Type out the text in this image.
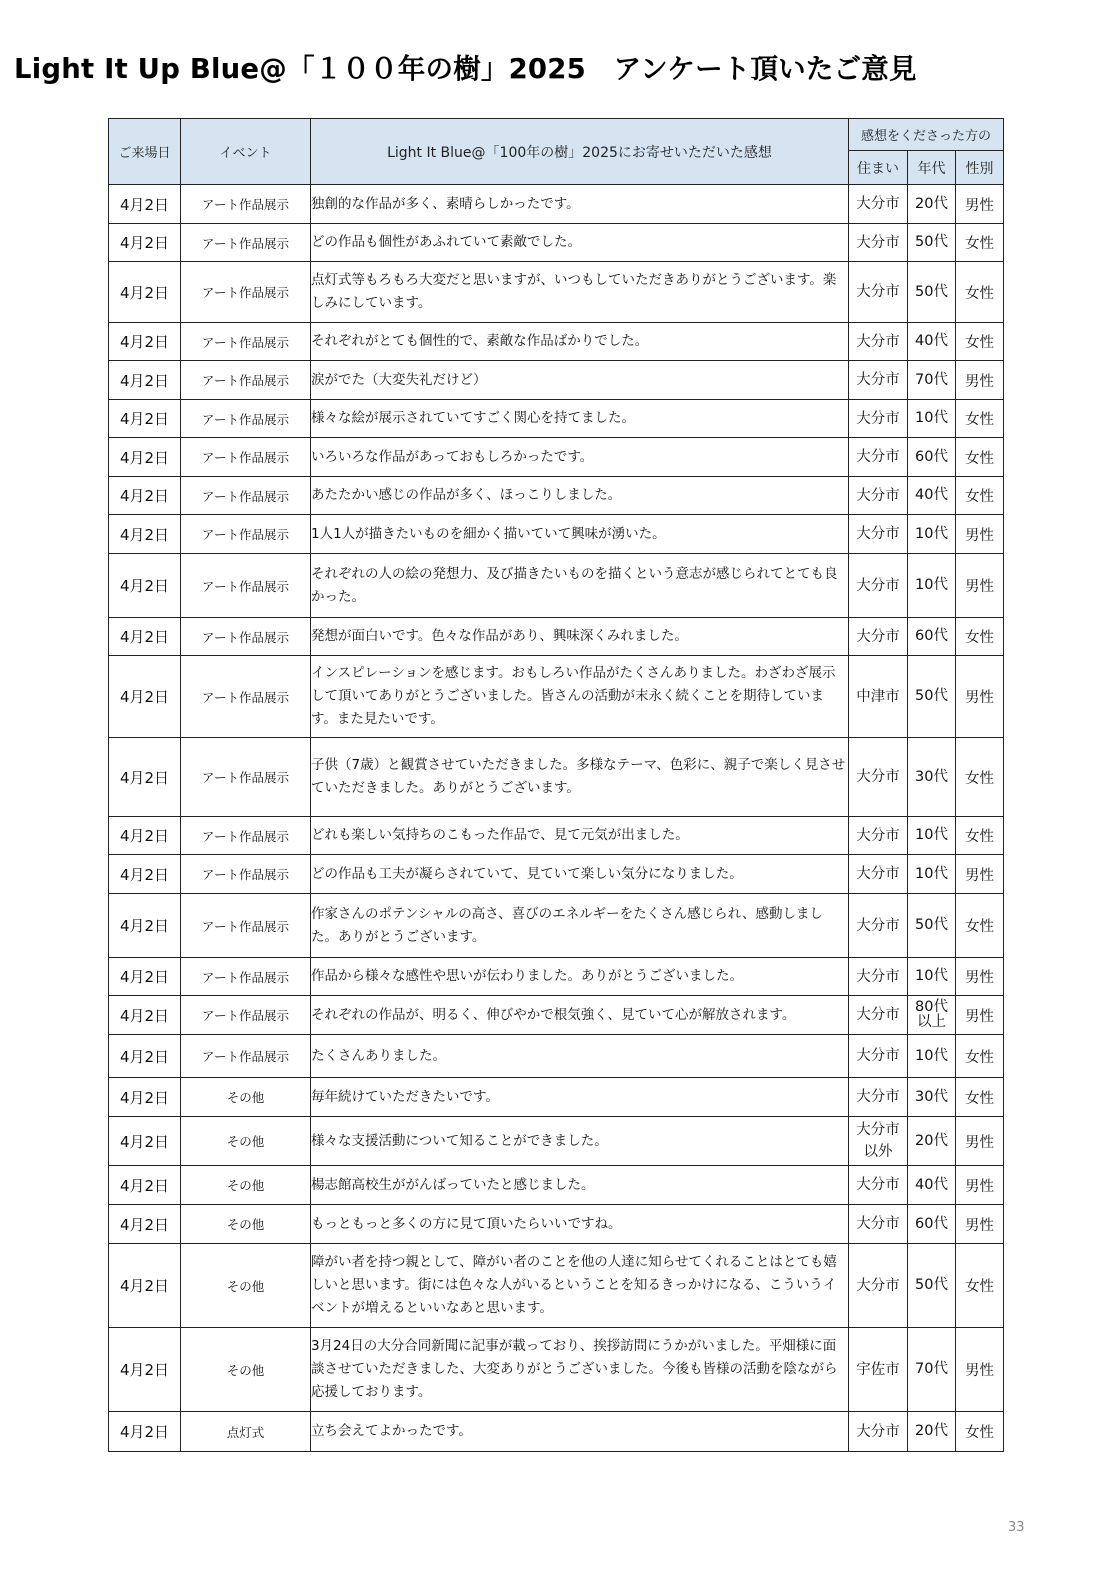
Light It Up Blue@「１００年の樹」2025　アンケート頂いたご意見
ご来場日	イベント	Light It Blue@「100年の樹」2025にお寄せいただいた感想	感想をくださった方の		
			住まい	年代	性別
4月2日	アート作品展示	独創的な作品が多く、素晴らしかったです。	大分市	20代	男性
4月2日	アート作品展示	どの作品も個性があふれていて素敵でした。	大分市	50代	女性
4月2日	アート作品展示	点灯式等もろもろ大変だと思いますが、いつもしていただきありがとうございます。楽しみにしています。	大分市	50代	女性
4月2日	アート作品展示	それぞれがとても個性的で、素敵な作品ばかりでした。	大分市	40代	女性
4月2日	アート作品展示	涙がでた（大変失礼だけど）	大分市	70代	男性
4月2日	アート作品展示	様々な絵が展示されていてすごく関心を持てました。	大分市	10代	女性
4月2日	アート作品展示	いろいろな作品があっておもしろかったです。	大分市	60代	女性
4月2日	アート作品展示	あたたかい感じの作品が多く、ほっこりしました。	大分市	40代	女性
4月2日	アート作品展示	1人1人が描きたいものを細かく描いていて興味が湧いた。	大分市	10代	男性
4月2日	アート作品展示	それぞれの人の絵の発想力、及び描きたいものを描くという意志が感じられてとても良かった。	大分市	10代	男性
4月2日	アート作品展示	発想が面白いです。色々な作品があり、興味深くみれました。	大分市	60代	女性
4月2日	アート作品展示	インスピレーションを感じます。おもしろい作品がたくさんありました。わざわざ展示して頂いてありがとうございました。皆さんの活動が末永く続くことを期待しています。また見たいです。	中津市	50代	男性
4月2日	アート作品展示	子供（7歳）と観賞させていただきました。多様なテーマ、色彩に、親子で楽しく見させていただきました。ありがとうございます。	大分市	30代	女性
4月2日	アート作品展示	どれも楽しい気持ちのこもった作品で、見て元気が出ました。	大分市	10代	女性
4月2日	アート作品展示	どの作品も工夫が凝らされていて、見ていて楽しい気分になりました。	大分市	10代	男性
4月2日	アート作品展示	作家さんのポテンシャルの高さ、喜びのエネルギーをたくさん感じられ、感動しました。ありがとうございます。	大分市	50代	女性
4月2日	アート作品展示	作品から様々な感性や思いが伝わりました。ありがとうございました。	大分市	10代	男性
4月2日	アート作品展示	それぞれの作品が、明るく、伸びやかで根気強く、見ていて心が解放されます。	大分市	80代以上	男性
4月2日	アート作品展示	たくさんありました。	大分市	10代	女性
4月2日	その他	毎年続けていただきたいです。	大分市	30代	女性
4月2日	その他	様々な支援活動について知ることができました。	大分市以外	20代	男性
4月2日	その他	楊志館高校生ががんばっていたと感じました。	大分市	40代	男性
4月2日	その他	もっともっと多くの方に見て頂いたらいいですね。	大分市	60代	男性
4月2日	その他	障がい者を持つ親として、障がい者のことを他の人達に知らせてくれることはとても嬉しいと思います。街には色々な人がいるということを知るきっかけになる、こういうイベントが増えるといいなあと思います。	大分市	50代	女性
4月2日	その他	3月24日の大分合同新聞に記事が載っており、挨拶訪問にうかがいました。平畑様に面談させていただきました、大変ありがとうございました。今後も皆様の活動を陰ながら応援しております。	宇佐市	70代	男性
4月2日	点灯式	立ち会えてよかったです。	大分市	20代	女性
33
